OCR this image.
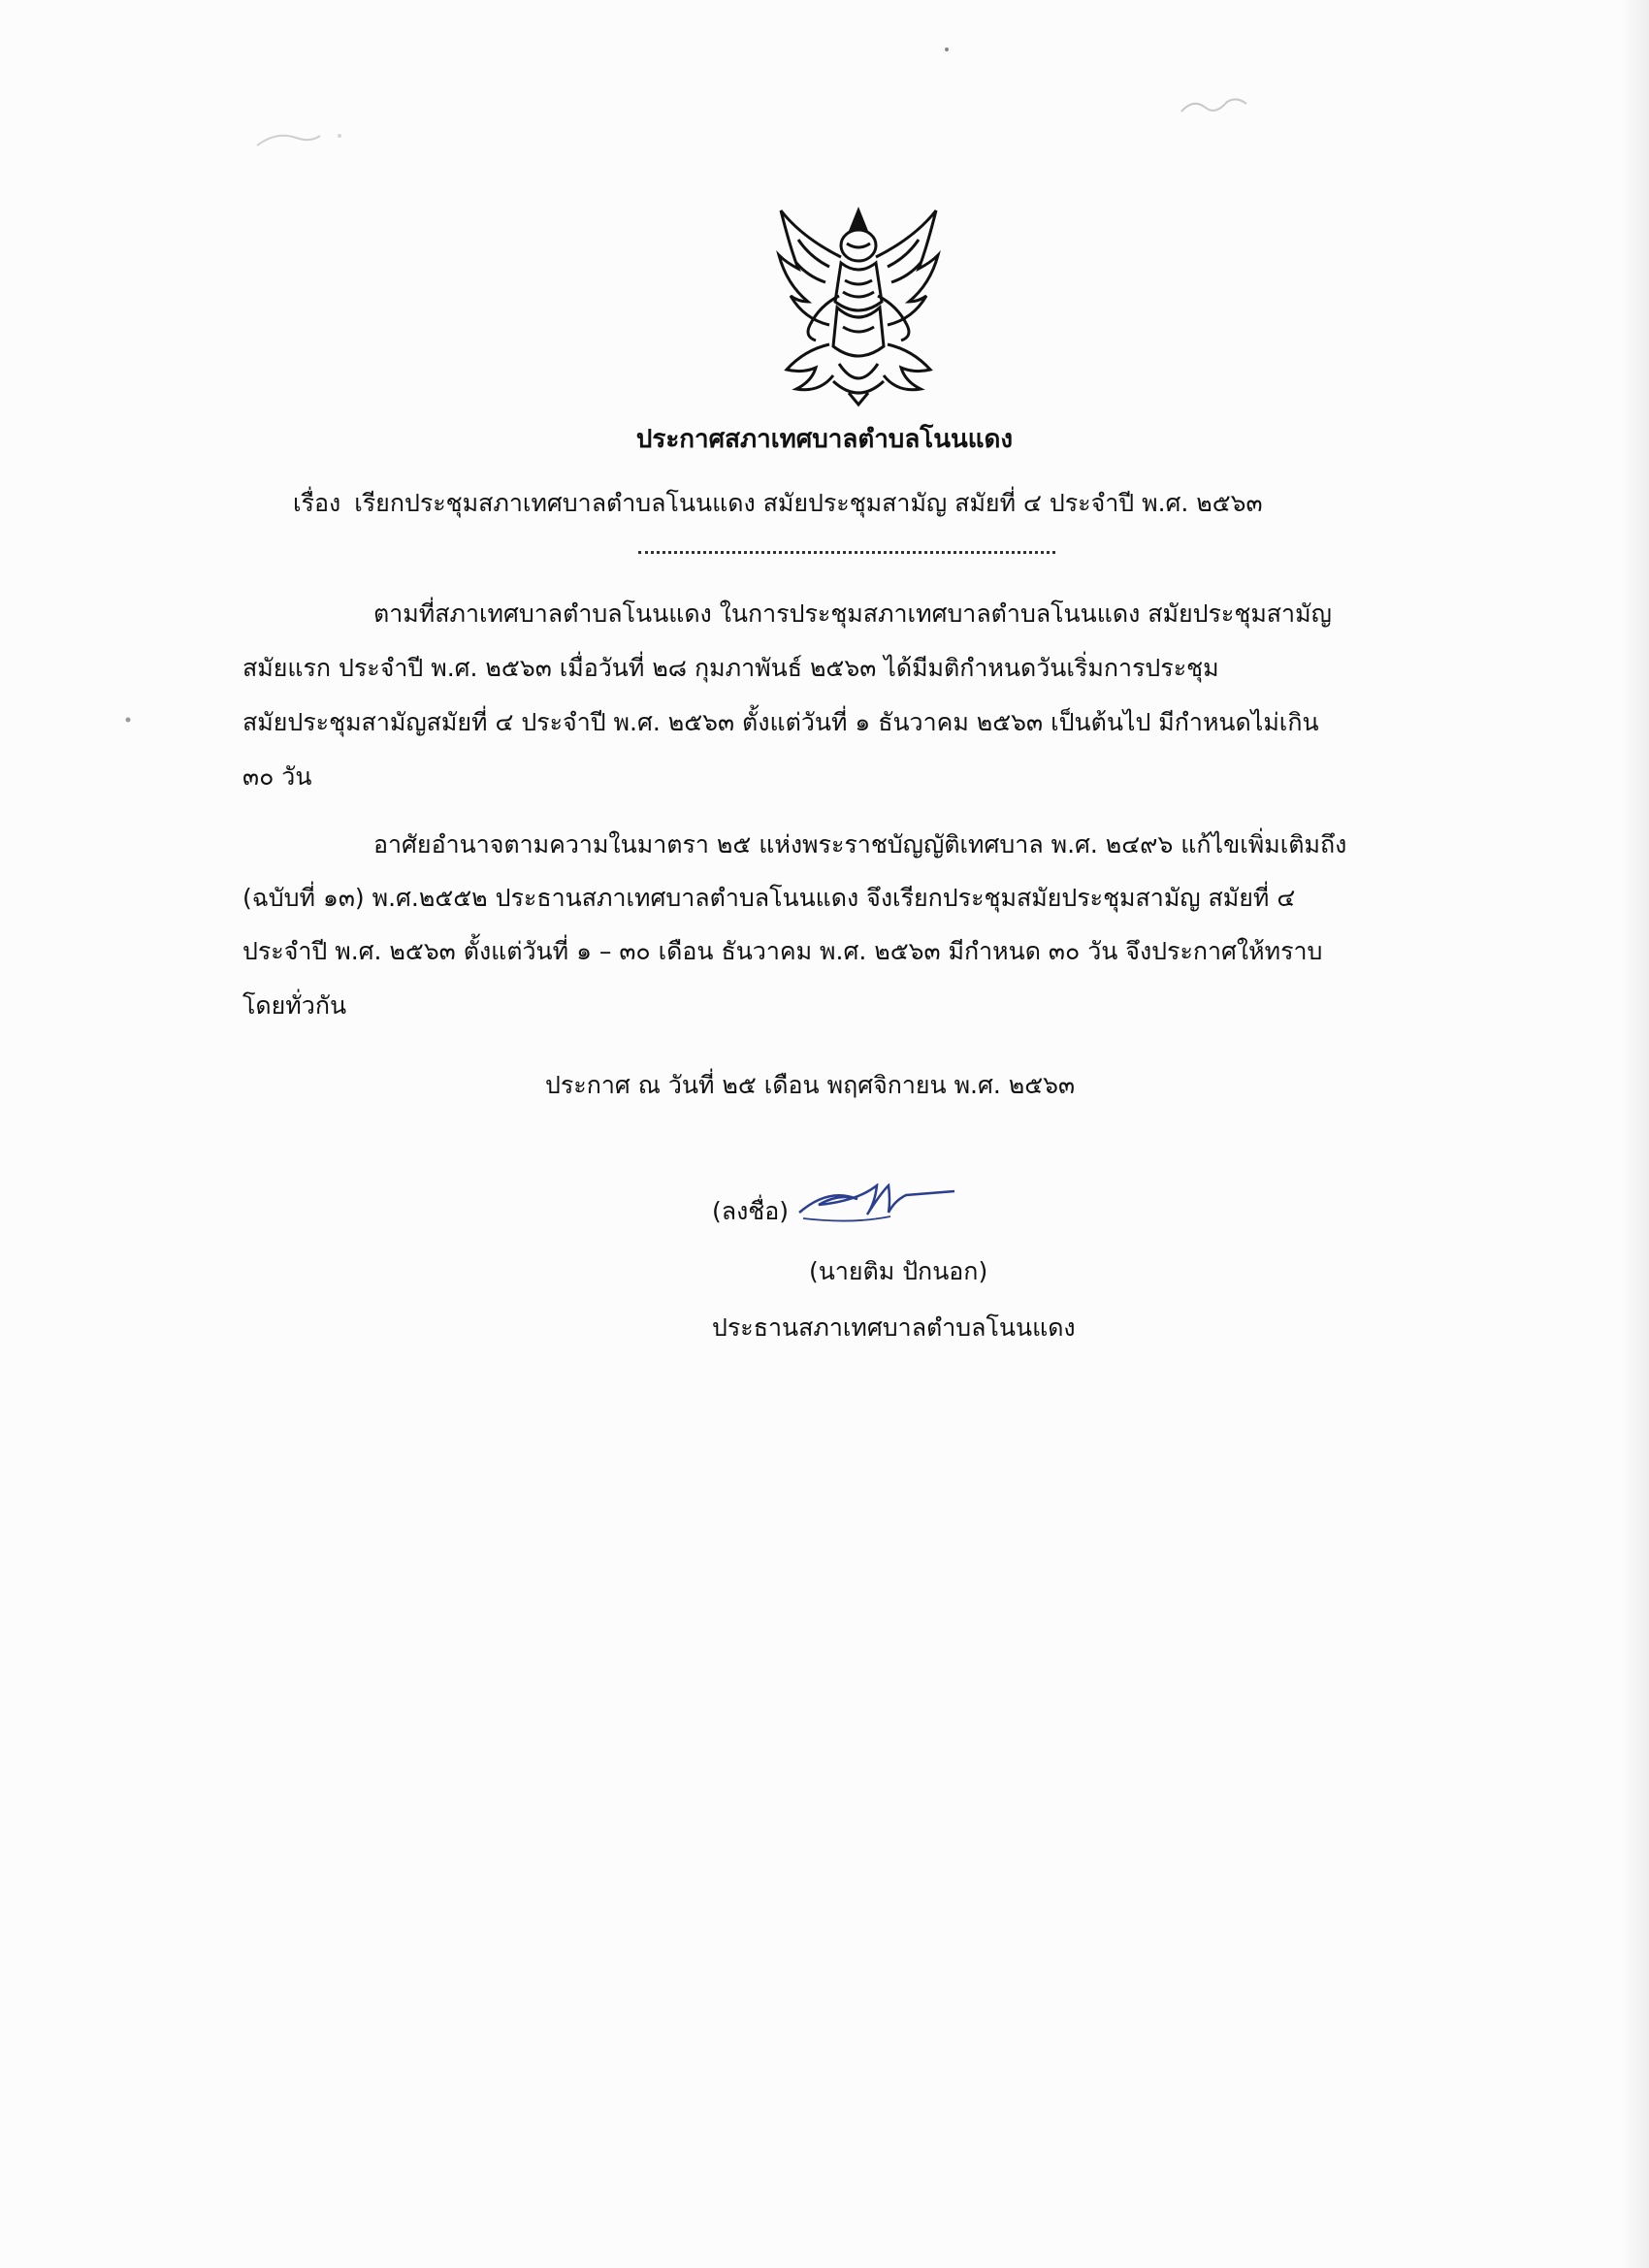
ประกาศสภาเทศบาลตำบลโนนแดง
เรื่อง เรียกประชุมสภาเทศบาลตำบลโนนแดง สมัยประชุมสามัญ สมัยที่ ๔ ประจำปี พ.ศ. ๒๕๖๓
ตามที่สภาเทศบาลตำบลโนนแดง ในการประชุมสภาเทศบาลตำบลโนนแดง สมัยประชุมสามัญ
สมัยแรก ประจำปี พ.ศ. ๒๕๖๓ เมื่อวันที่ ๒๘ กุมภาพันธ์ ๒๕๖๓ ได้มีมติกำหนดวันเริ่มการประชุม
สมัยประชุมสามัญสมัยที่ ๔ ประจำปี พ.ศ. ๒๕๖๓ ตั้งแต่วันที่ ๑ ธันวาคม ๒๕๖๓ เป็นต้นไป มีกำหนดไม่เกิน
๓๐ วัน
อาศัยอำนาจตามความในมาตรา ๒๕ แห่งพระราชบัญญัติเทศบาล พ.ศ. ๒๔๙๖ แก้ไขเพิ่มเติมถึง
(ฉบับที่ ๑๓) พ.ศ.๒๕๕๒ ประธานสภาเทศบาลตำบลโนนแดง จึงเรียกประชุมสมัยประชุมสามัญ สมัยที่ ๔
ประจำปี พ.ศ. ๒๕๖๓ ตั้งแต่วันที่ ๑ – ๓๐ เดือน ธันวาคม พ.ศ. ๒๕๖๓ มีกำหนด ๓๐ วัน จึงประกาศให้ทราบ
โดยทั่วกัน
ประกาศ ณ วันที่ ๒๕ เดือน พฤศจิกายน พ.ศ. ๒๕๖๓
(ลงชื่อ)
(นายติม ปักนอก)
ประธานสภาเทศบาลตำบลโนนแดง
